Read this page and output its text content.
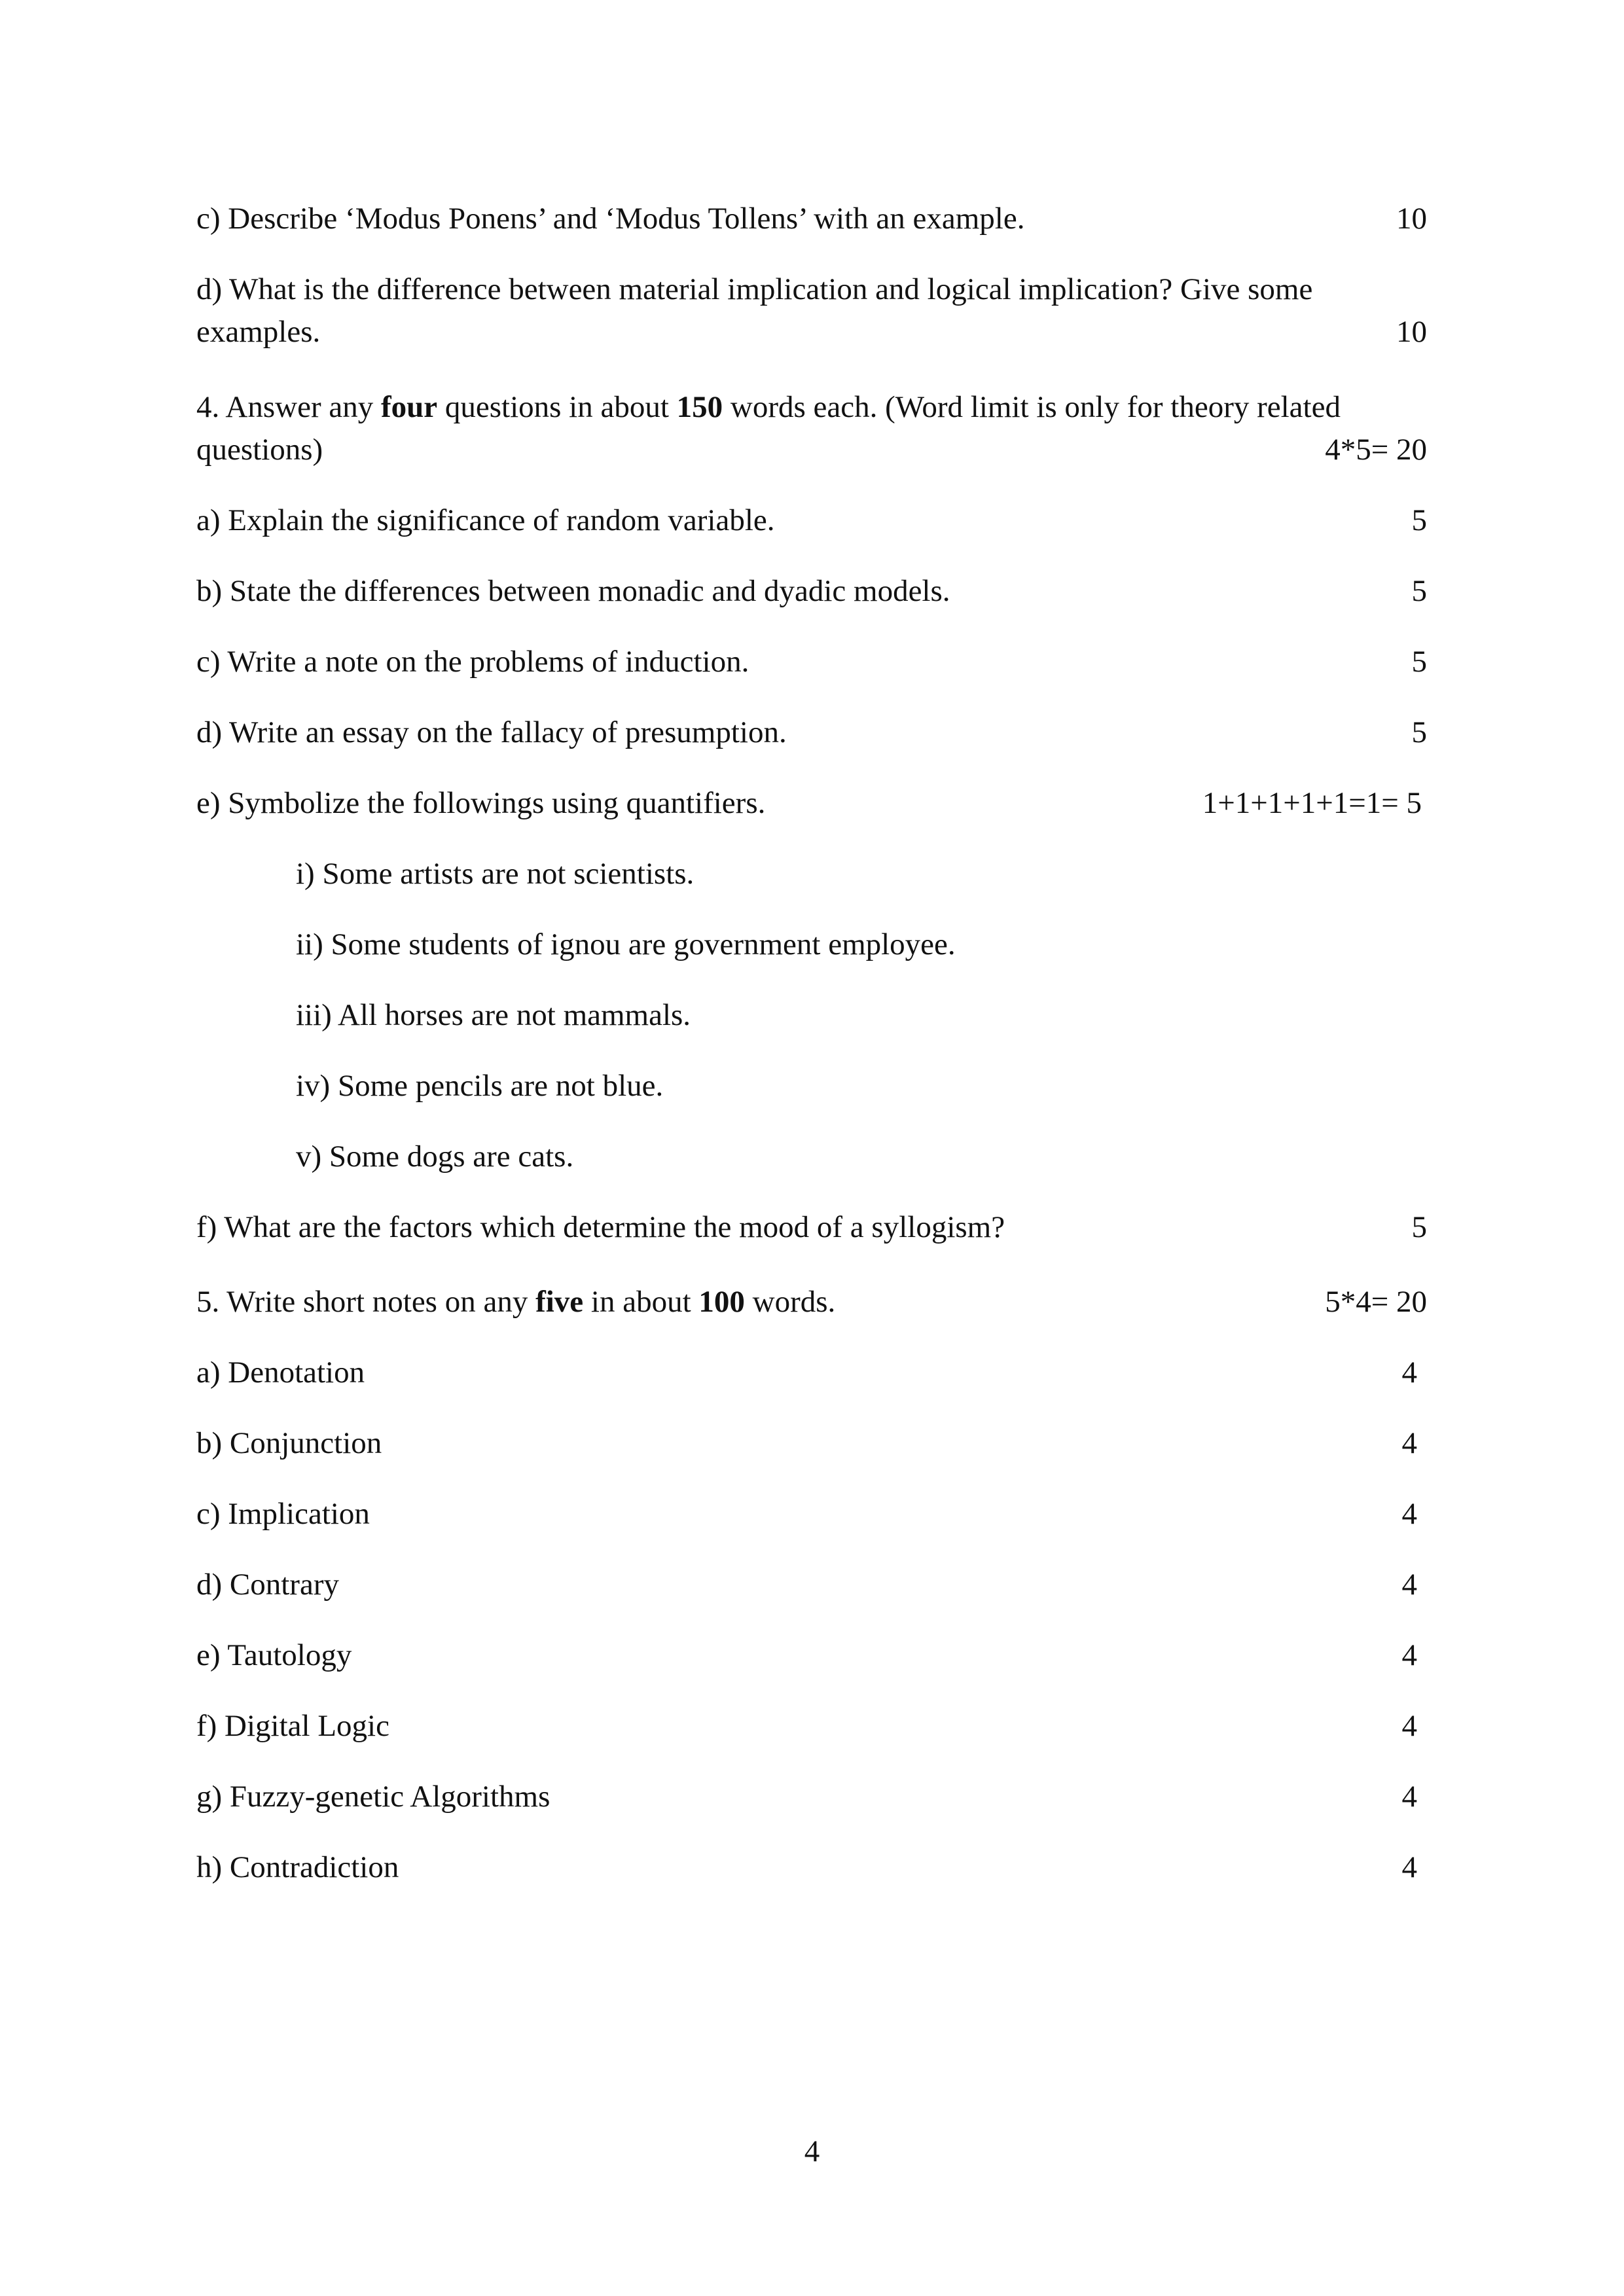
c) Describe ‘Modus Ponens’ and ‘Modus Tollens’ with an example.	10
d) What is the difference between material implication and logical implication? Give some
examples.	10
4. Answer any four questions in about 150 words each. (Word limit is only for theory related
questions)	4*5= 20
a) Explain the significance of random variable.	5
b) State the differences between monadic and dyadic models.	5
c) Write a note on the problems of induction.	5
d) Write an essay on the fallacy of presumption.	5
e) Symbolize the followings using quantifiers.	1+1+1+1+1=1= 5
i) Some artists are not scientists.
ii) Some students of ignou are government employee.
iii) All horses are not mammals.
iv) Some pencils are not blue.
v) Some dogs are cats.
f) What are the factors which determine the mood of a syllogism?	5
5. Write short notes on any five in about 100 words.	5*4= 20
a) Denotation	4
b) Conjunction	4
c) Implication	4
d) Contrary	4
e) Tautology	4
f) Digital Logic	4
g) Fuzzy-genetic Algorithms	4
h) Contradiction	4
4
